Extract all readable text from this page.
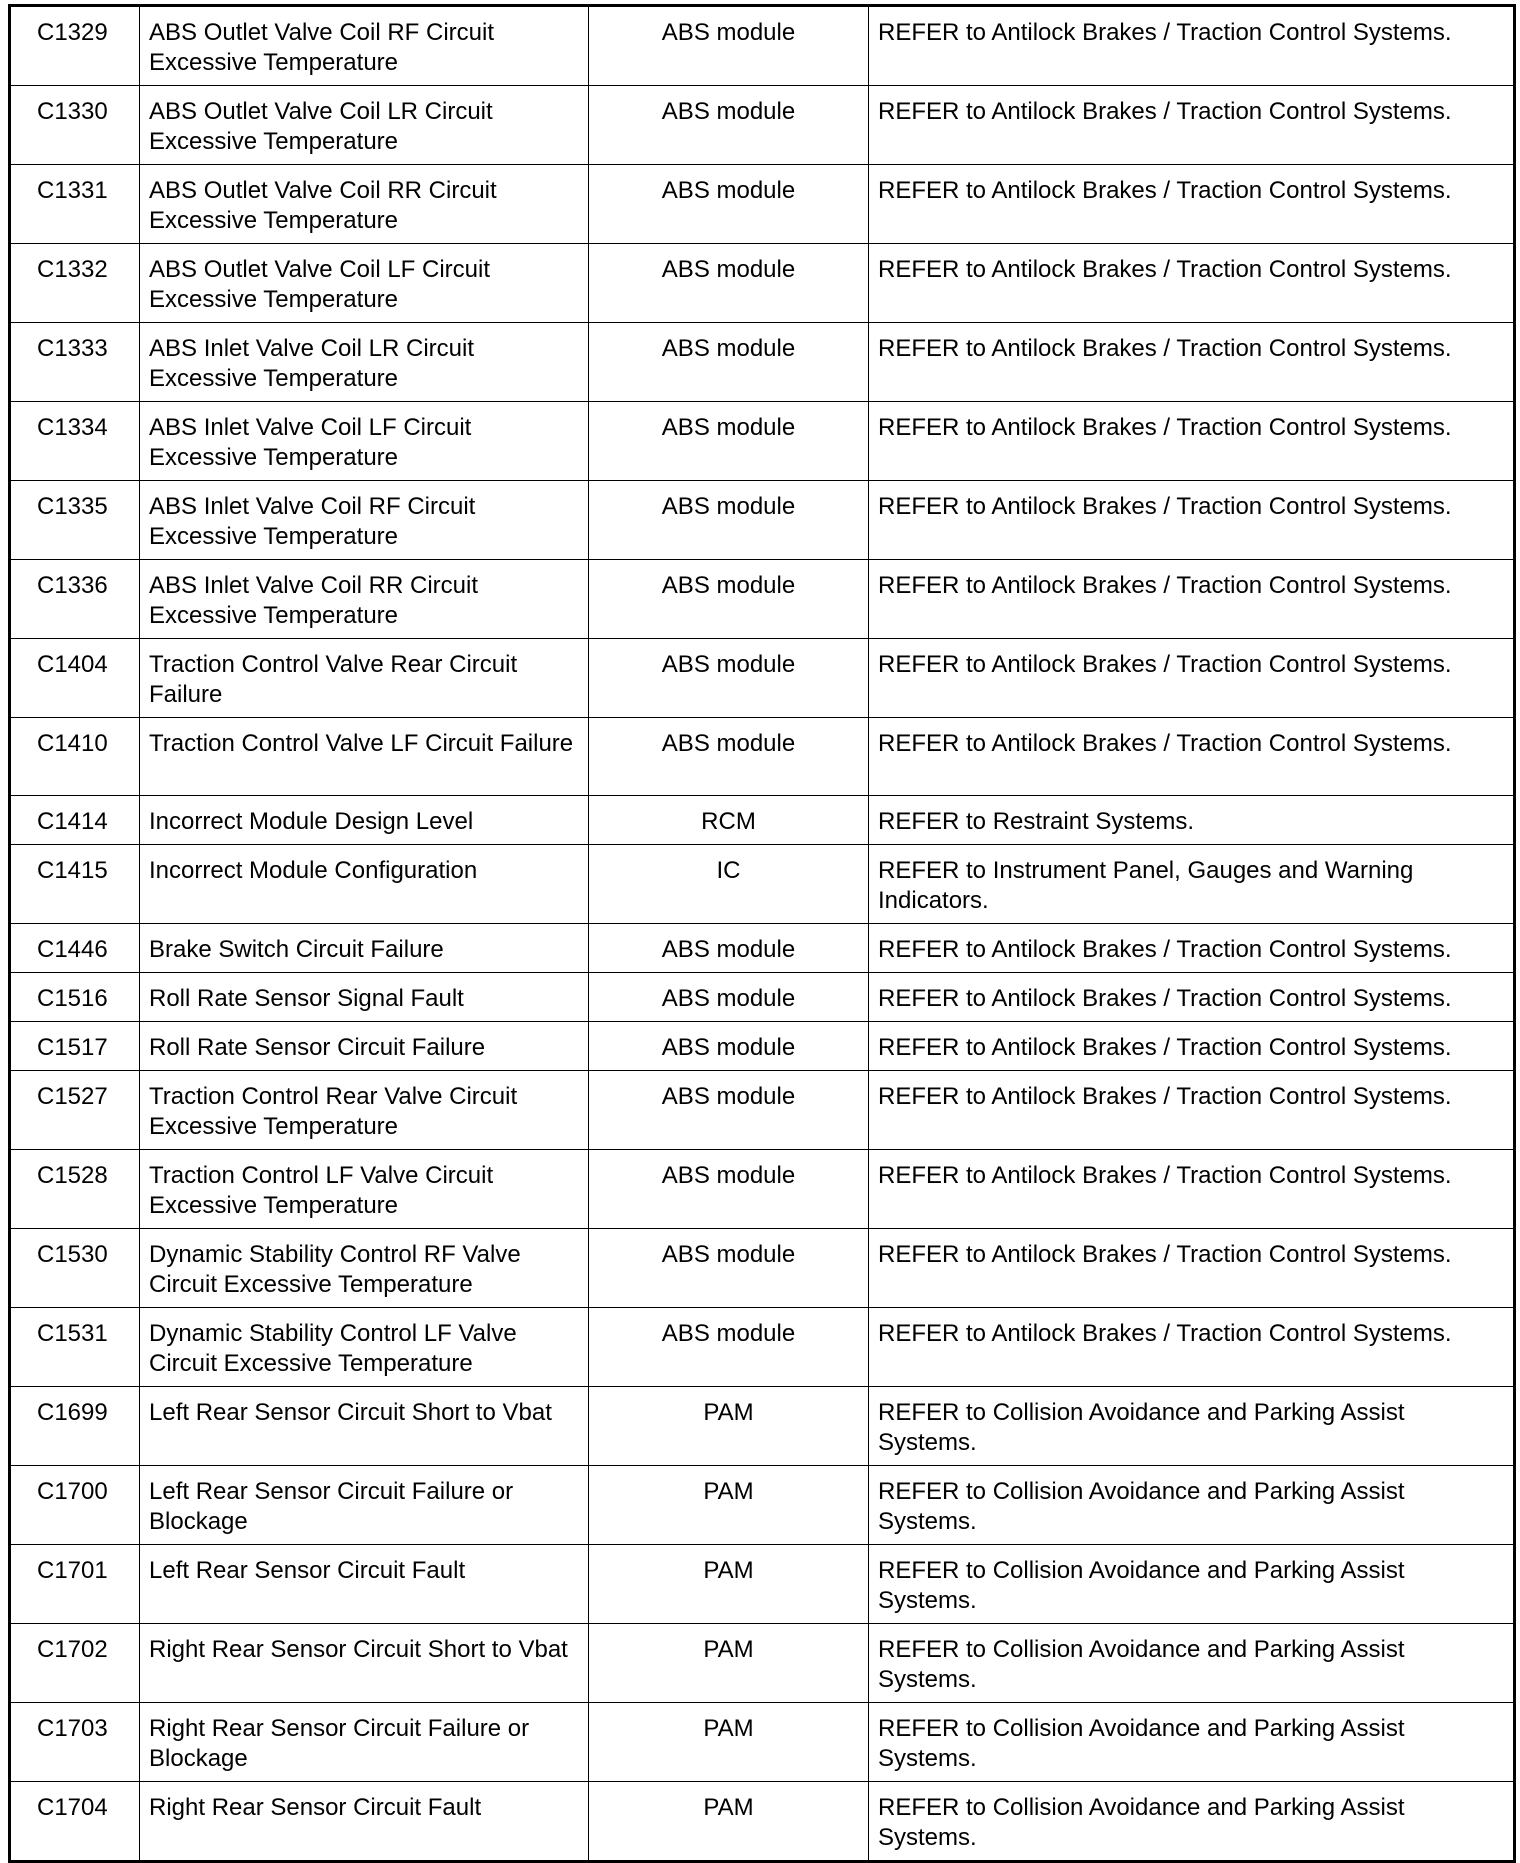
C1329	ABS Outlet Valve Coil RF Circuit Excessive Temperature	ABS module	REFER to Antilock Brakes / Traction Control Systems.
C1330	ABS Outlet Valve Coil LR Circuit Excessive Temperature	ABS module	REFER to Antilock Brakes / Traction Control Systems.
C1331	ABS Outlet Valve Coil RR Circuit Excessive Temperature	ABS module	REFER to Antilock Brakes / Traction Control Systems.
C1332	ABS Outlet Valve Coil LF Circuit Excessive Temperature	ABS module	REFER to Antilock Brakes / Traction Control Systems.
C1333	ABS Inlet Valve Coil LR Circuit Excessive Temperature	ABS module	REFER to Antilock Brakes / Traction Control Systems.
C1334	ABS Inlet Valve Coil LF Circuit Excessive Temperature	ABS module	REFER to Antilock Brakes / Traction Control Systems.
C1335	ABS Inlet Valve Coil RF Circuit Excessive Temperature	ABS module	REFER to Antilock Brakes / Traction Control Systems.
C1336	ABS Inlet Valve Coil RR Circuit Excessive Temperature	ABS module	REFER to Antilock Brakes / Traction Control Systems.
C1404	Traction Control Valve Rear Circuit Failure	ABS module	REFER to Antilock Brakes / Traction Control Systems.
C1410	Traction Control Valve LF Circuit Failure	ABS module	REFER to Antilock Brakes / Traction Control Systems.
C1414	Incorrect Module Design Level	RCM	REFER to Restraint Systems.
C1415	Incorrect Module Configuration	IC	REFER to Instrument Panel, Gauges and Warning Indicators.
C1446	Brake Switch Circuit Failure	ABS module	REFER to Antilock Brakes / Traction Control Systems.
C1516	Roll Rate Sensor Signal Fault	ABS module	REFER to Antilock Brakes / Traction Control Systems.
C1517	Roll Rate Sensor Circuit Failure	ABS module	REFER to Antilock Brakes / Traction Control Systems.
C1527	Traction Control Rear Valve Circuit Excessive Temperature	ABS module	REFER to Antilock Brakes / Traction Control Systems.
C1528	Traction Control LF Valve Circuit Excessive Temperature	ABS module	REFER to Antilock Brakes / Traction Control Systems.
C1530	Dynamic Stability Control RF Valve Circuit Excessive Temperature	ABS module	REFER to Antilock Brakes / Traction Control Systems.
C1531	Dynamic Stability Control LF Valve Circuit Excessive Temperature	ABS module	REFER to Antilock Brakes / Traction Control Systems.
C1699	Left Rear Sensor Circuit Short to Vbat	PAM	REFER to Collision Avoidance and Parking Assist Systems.
C1700	Left Rear Sensor Circuit Failure or Blockage	PAM	REFER to Collision Avoidance and Parking Assist Systems.
C1701	Left Rear Sensor Circuit Fault	PAM	REFER to Collision Avoidance and Parking Assist Systems.
C1702	Right Rear Sensor Circuit Short to Vbat	PAM	REFER to Collision Avoidance and Parking Assist Systems.
C1703	Right Rear Sensor Circuit Failure or Blockage	PAM	REFER to Collision Avoidance and Parking Assist Systems.
C1704	Right Rear Sensor Circuit Fault	PAM	REFER to Collision Avoidance and Parking Assist Systems.
